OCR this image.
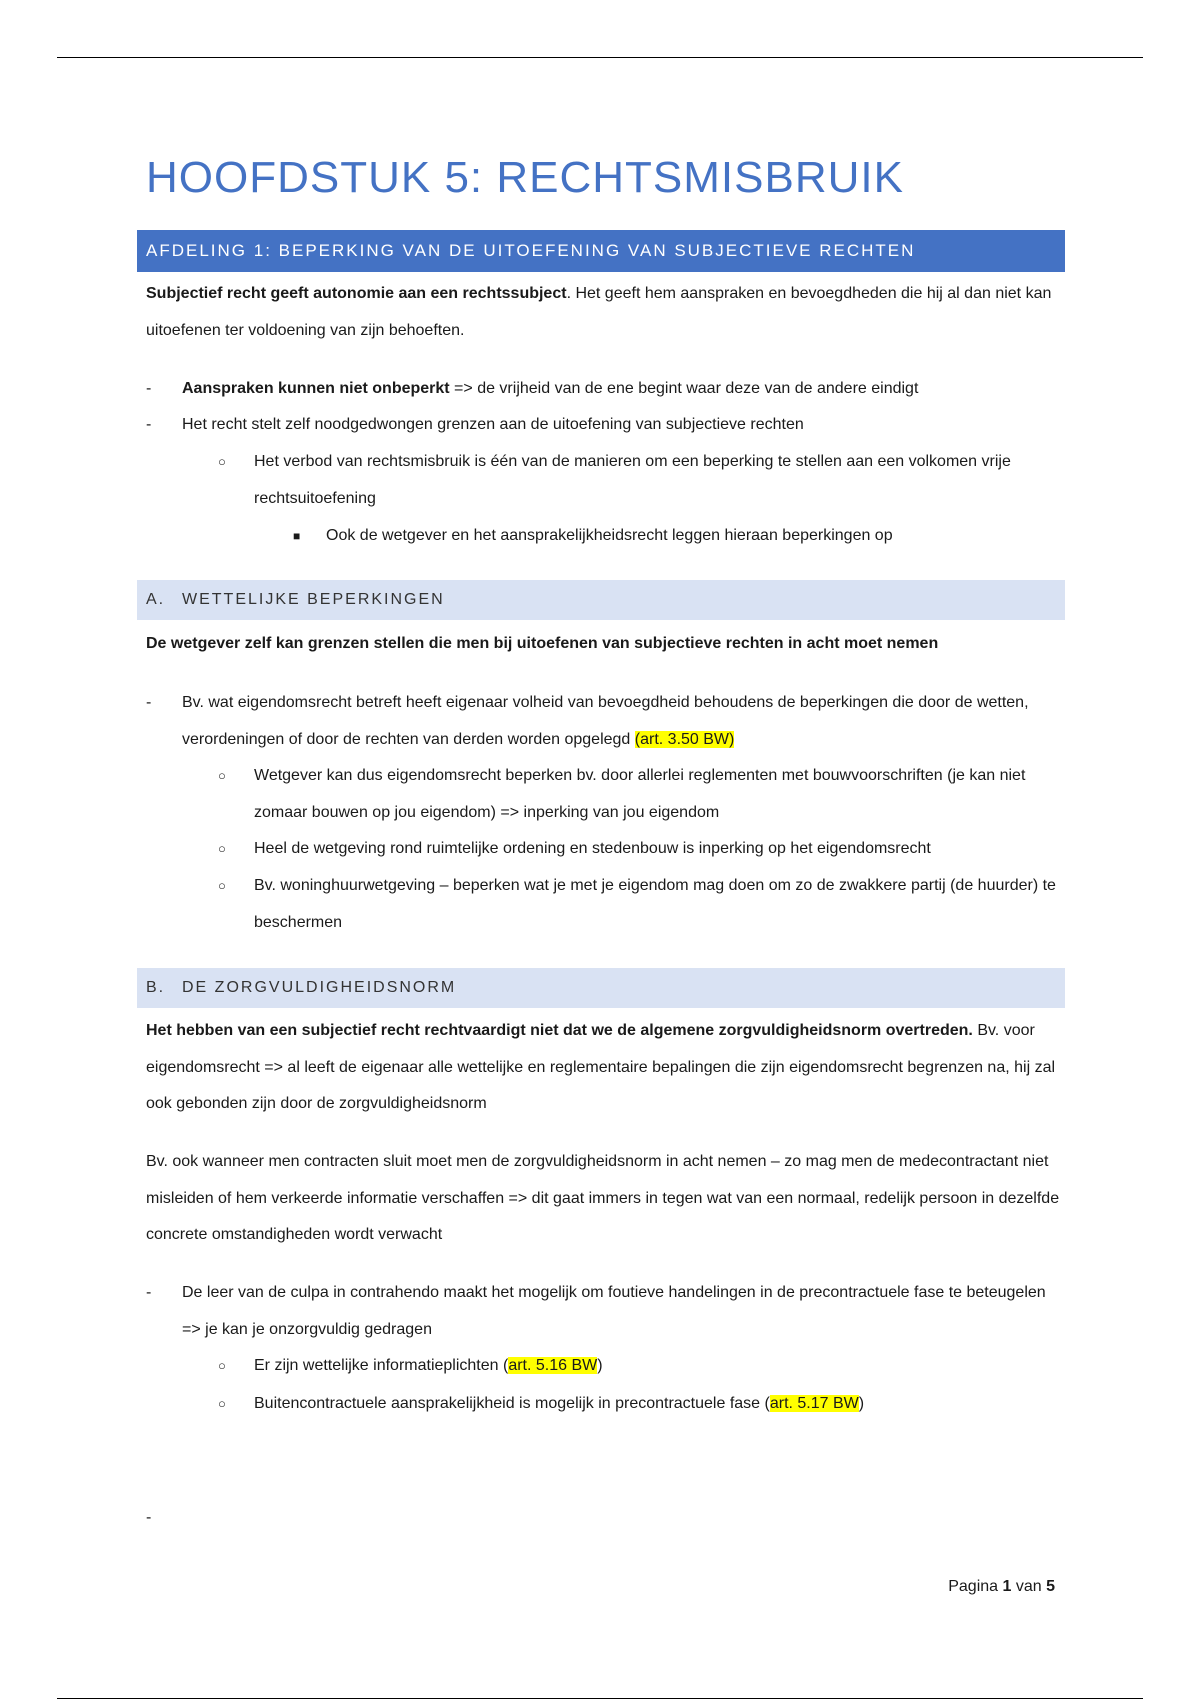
HOOFDSTUK 5: RECHTSMISBRUIK
AFDELING 1: BEPERKING VAN DE UITOEFENING VAN SUBJECTIEVE RECHTEN

Subjectief recht geeft autonomie aan een rechtssubject. Het geeft hem aanspraken en bevoegdheden die hij al dan niet kan uitoefenen ter voldoening van zijn behoeften.

- Aanspraken kunnen niet onbeperkt => de vrijheid van de ene begint waar deze van de andere eindigt
- Het recht stelt zelf noodgedwongen grenzen aan de uitoefening van subjectieve rechten
○ Het verbod van rechtsmisbruik is één van de manieren om een beperking te stellen aan een volkomen vrije rechtsuitoefening
■ Ook de wetgever en het aansprakelijkheidsrecht leggen hieraan beperkingen op
A. WETTELIJKE BEPERKINGEN

De wetgever zelf kan grenzen stellen die men bij uitoefenen van subjectieve rechten in acht moet nemen

- Bv. wat eigendomsrecht betreft heeft eigenaar volheid van bevoegdheid behoudens de beperkingen die door de wetten, verordeningen of door de rechten van derden worden opgelegd (art. 3.50 BW)
○ Wetgever kan dus eigendomsrecht beperken bv. door allerlei reglementen met bouwvoorschriften (je kan niet zomaar bouwen op jou eigendom) => inperking van jou eigendom
○ Heel de wetgeving rond ruimtelijke ordening en stedenbouw is inperking op het eigendomsrecht
○ Bv. woninghuurwetgeving – beperken wat je met je eigendom mag doen om zo de zwakkere partij (de huurder) te beschermen
B. DE ZORGVULDIGHEIDSNORM

Het hebben van een subjectief recht rechtvaardigt niet dat we de algemene zorgvuldigheidsnorm overtreden. Bv. voor eigendomsrecht => al leeft de eigenaar alle wettelijke en reglementaire bepalingen die zijn eigendomsrecht begrenzen na, hij zal ook gebonden zijn door de zorgvuldigheidsnorm

Bv. ook wanneer men contracten sluit moet men de zorgvuldigheidsnorm in acht nemen – zo mag men de medecontractant niet misleiden of hem verkeerde informatie verschaffen => dit gaat immers in tegen wat van een normaal, redelijk persoon in dezelfde concrete omstandigheden wordt verwacht

- De leer van de culpa in contrahendo maakt het mogelijk om foutieve handelingen in de precontractuele fase te beteugelen => je kan je onzorgvuldig gedragen
○ Er zijn wettelijke informatieplichten (art. 5.16 BW)
○ Buitencontractuele aansprakelijkheid is mogelijk in precontractuele fase (art. 5.17 BW)
-
Pagina 1 van 5
